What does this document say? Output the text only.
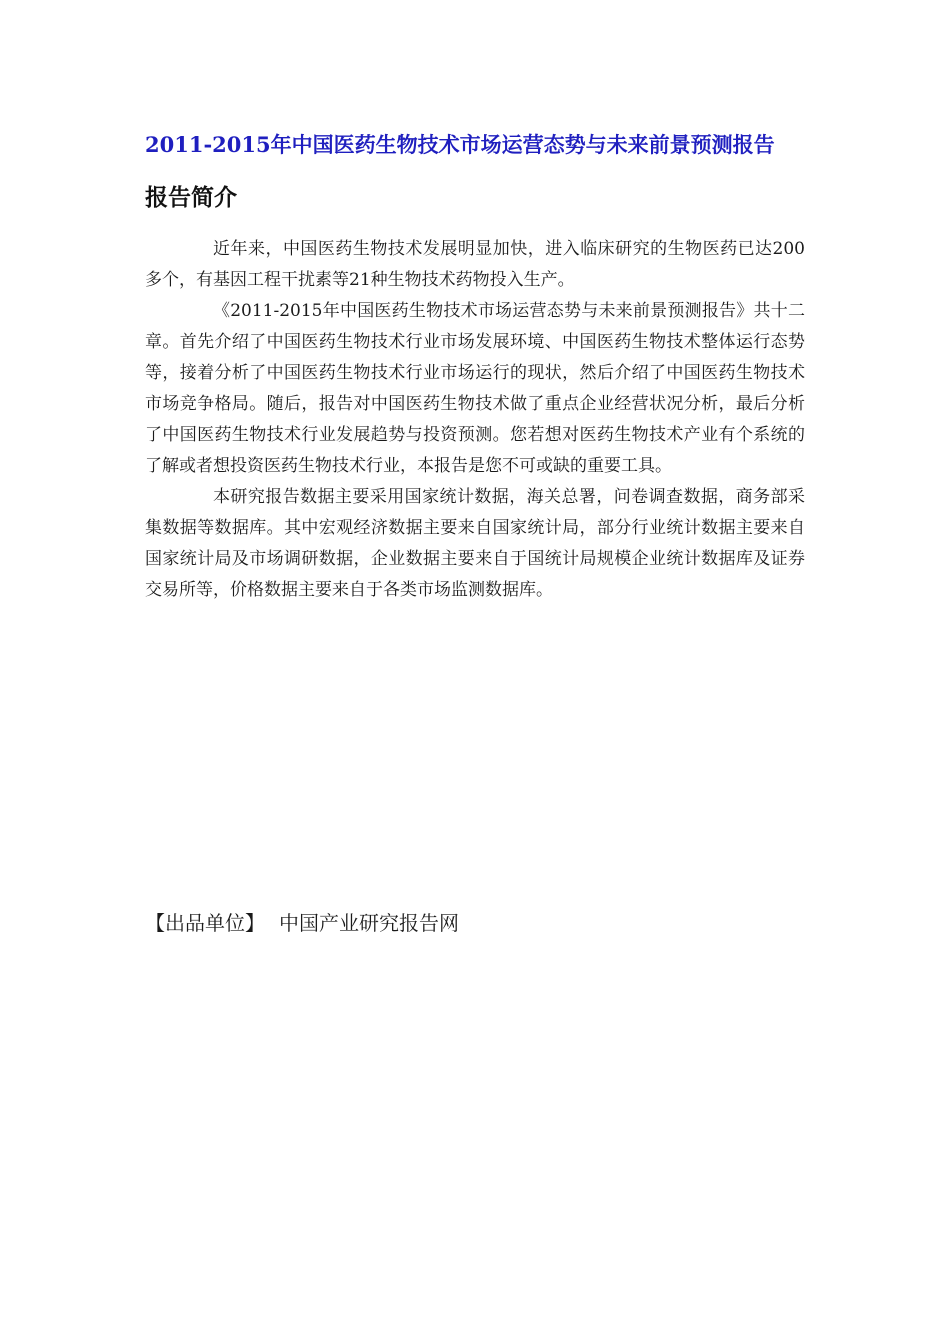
2011-2015年中国医药生物技术市场运营态势与未来前景预测报告
报告简介

近年来，中国医药生物技术发展明显加快，进入临床研究的生物医药已达200多个，有基因工程干扰素等21种生物技术药物投入生产。

《2011-2015年中国医药生物技术市场运营态势与未来前景预测报告》共十二章。首先介绍了中国医药生物技术行业市场发展环境、中国医药生物技术整体运行态势等，接着分析了中国医药生物技术行业市场运行的现状，然后介绍了中国医药生物技术市场竞争格局。随后，报告对中国医药生物技术做了重点企业经营状况分析，最后分析了中国医药生物技术行业发展趋势与投资预测。您若想对医药生物技术产业有个系统的了解或者想投资医药生物技术行业，本报告是您不可或缺的重要工具。

本研究报告数据主要采用国家统计数据，海关总署，问卷调查数据，商务部采集数据等数据库。其中宏观经济数据主要来自国家统计局，部分行业统计数据主要来自国家统计局及市场调研数据，企业数据主要来自于国统计局规模企业统计数据库及证券交易所等，价格数据主要来自于各类市场监测数据库。

【出品单位】 中国产业研究报告网
